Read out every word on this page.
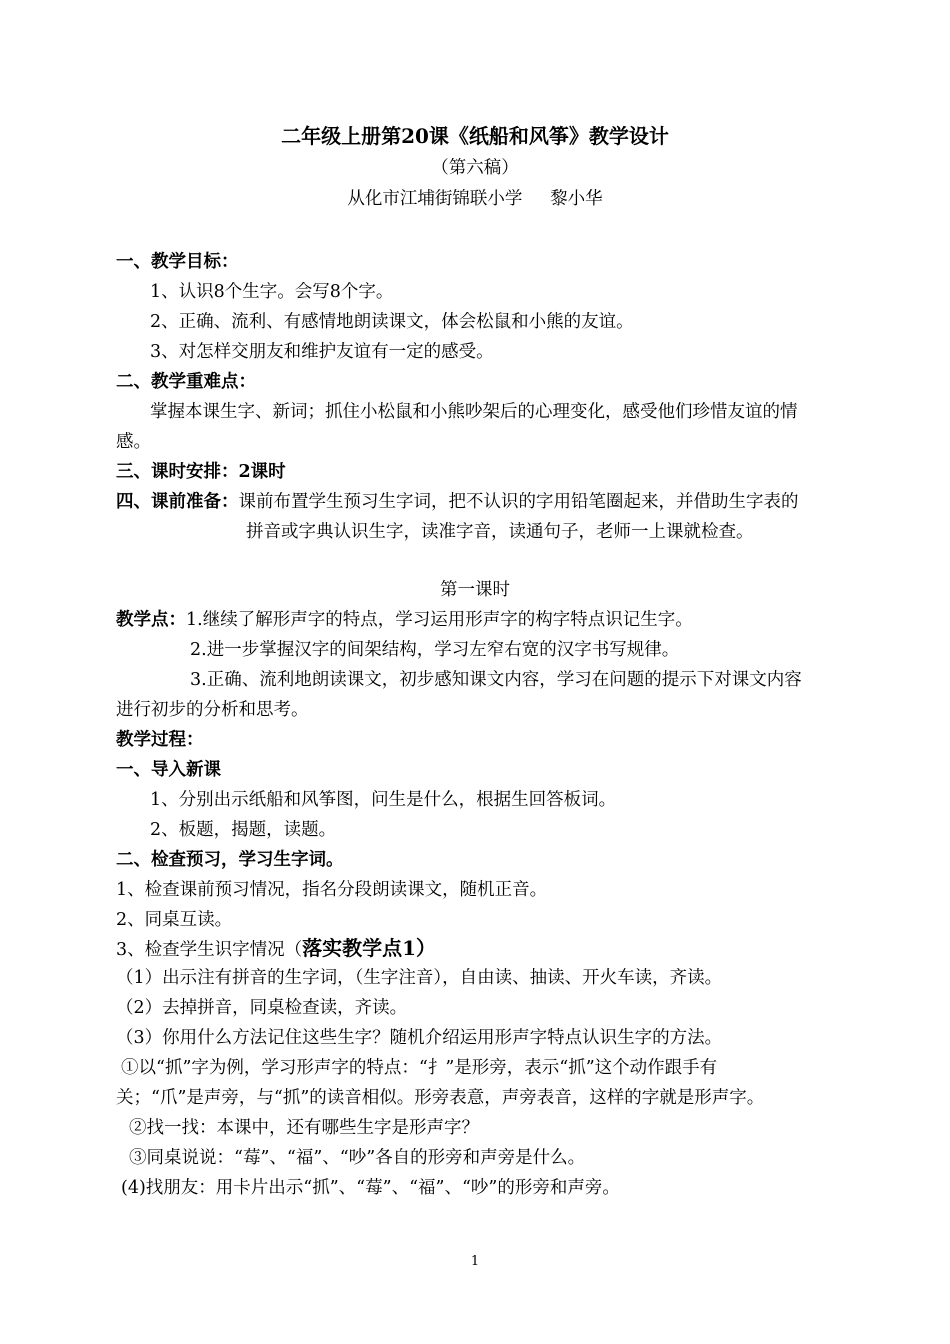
二年级上册第20课《纸船和风筝》教学设计
（第六稿）
从化市江埔街锦联小学     黎小华
一、教学目标：
1、认识8个生字。会写8个字。
2、正确、流利、有感情地朗读课文，体会松鼠和小熊的友谊。
3、对怎样交朋友和维护友谊有一定的感受。
二、教学重难点：
掌握本课生字、新词；抓住小松鼠和小熊吵架后的心理变化，感受他们珍惜友谊的情
感。
三、课时安排：2课时
四、课前准备：课前布置学生预习生字词，把不认识的字用铅笔圈起来，并借助生字表的
拼音或字典认识生字，读准字音，读通句子，老师一上课就检查。
第一课时
教学点：1.继续了解形声字的特点，学习运用形声字的构字特点识记生字。
2.进一步掌握汉字的间架结构，学习左窄右宽的汉字书写规律。
3.正确、流利地朗读课文，初步感知课文内容，学习在问题的提示下对课文内容
进行初步的分析和思考。
教学过程：
一、导入新课
1、分别出示纸船和风筝图，问生是什么，根据生回答板词。
2、板题，揭题，读题。
二、检查预习，学习生字词。
1、检查课前预习情况，指名分段朗读课文，随机正音。
2、同桌互读。
3、检查学生识字情况（落实教学点1）
（1）出示注有拼音的生字词，（生字注音），自由读、抽读、开火车读，齐读。
（2）去掉拼音，同桌检查读，齐读。
（3）你用什么方法记住这些生字？随机介绍运用形声字特点认识生字的方法。
①以“抓”字为例，学习形声字的特点：“扌”是形旁，表示“抓”这个动作跟手有
关；“爪”是声旁，与“抓”的读音相似。形旁表意，声旁表音，这样的字就是形声字。
②找一找：本课中，还有哪些生字是形声字？
③同桌说说：“莓”、“福”、“吵”各自的形旁和声旁是什么。
(4)找朋友：用卡片出示“抓”、“莓”、“福”、“吵”的形旁和声旁。
1
